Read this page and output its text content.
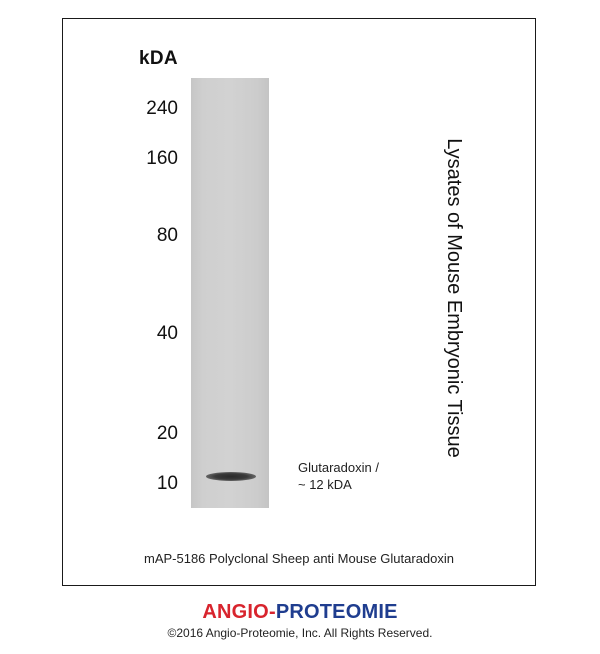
kDA
240
160
80
40
20
10
Glutaradoxin /
~ 12 kDA
Lysates of Mouse Embryonic Tissue
mAP-5186 Polyclonal Sheep anti Mouse Glutaradoxin
ANGIO-PROTEOMIE
©2016 Angio-Proteomie, Inc. All Rights Reserved.
